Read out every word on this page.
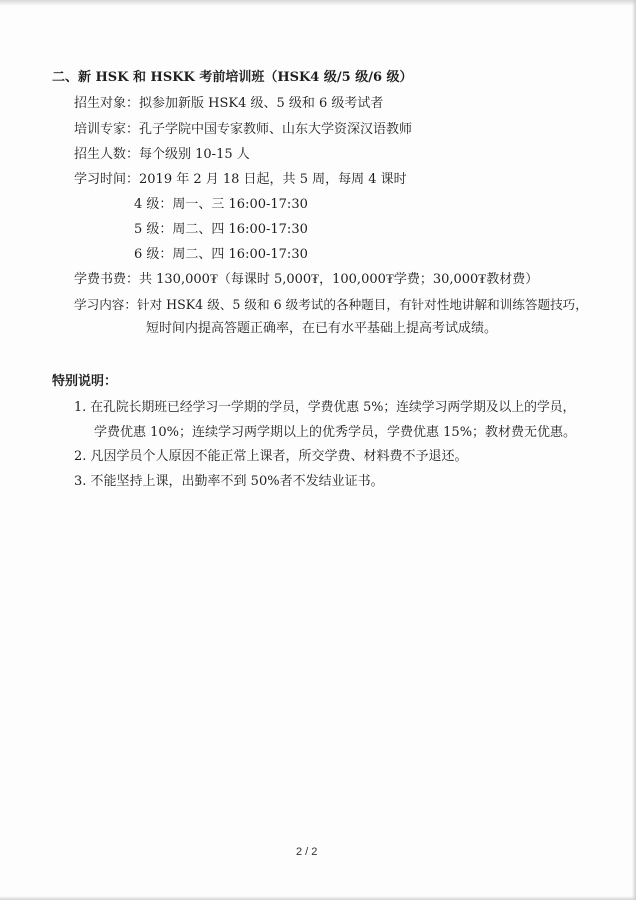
二、新 HSK 和 HSKK 考前培训班（HSK4 级/5 级/6 级）
招生对象：拟参加新版 HSK4 级、5 级和 6 级考试者
培训专家：孔子学院中国专家教师、山东大学资深汉语教师
招生人数：每个级别 10-15 人
学习时间：2019 年 2 月 18 日起，共 5 周，每周 4 课时
4 级：周一、三 16:00-17:30
5 级：周二、四 16:00-17:30
6 级：周二、四 16:00-17:30
学费书费：共 130,000₮（每课时 5,000₮，100,000₮学费；30,000₮教材费）
学习内容：针对 HSK4 级、5 级和 6 级考试的各种题目，有针对性地讲解和训练答题技巧，
短时间内提高答题正确率，在已有水平基础上提高考试成绩。
特别说明：
1. 在孔院长期班已经学习一学期的学员，学费优惠 5%；连续学习两学期及以上的学员，
学费优惠 10%；连续学习两学期以上的优秀学员，学费优惠 15%；教材费无优惠。
2. 凡因学员个人原因不能正常上课者，所交学费、材料费不予退还。
3. 不能坚持上课，出勤率不到 50%者不发结业证书。
2 / 2
